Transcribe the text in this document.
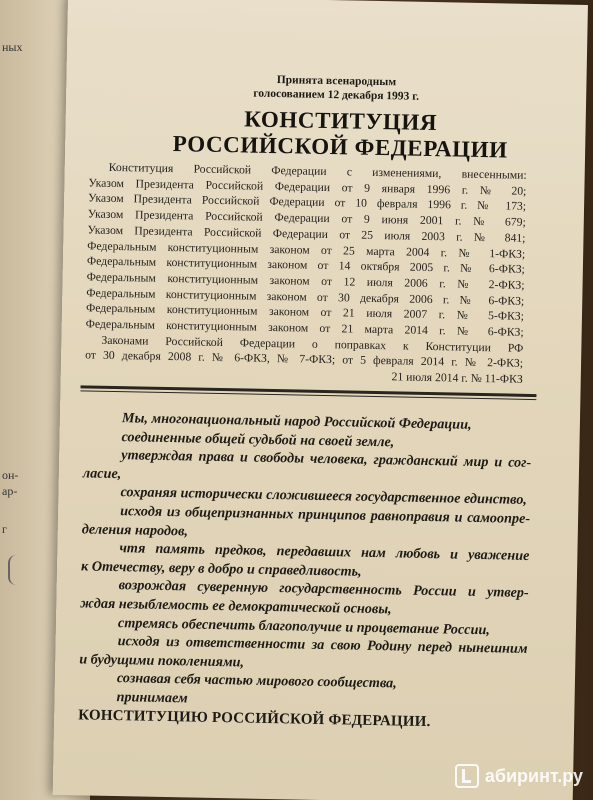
ных
он-
ар-
г
Принята всенародным
голосованием 12 декабря 1993 г.
КОНСТИТУЦИЯ
РОССИЙСКОЙ ФЕДЕРАЦИИ
Конституция Российской Федерации с изменениями, внесенными:
Указом Президента Российской Федерации от 9 января 1996 г. № 20;
Указом Президента Российской Федерации от 10 февраля 1996 г. № 173;
Указом Президента Российской Федерации от 9 июня 2001 г. № 679;
Указом Президента Российской Федерации от 25 июля 2003 г. № 841;
Федеральным конституционным законом от 25 марта 2004 г. № 1-ФКЗ;
Федеральным конституционным законом от 14 октября 2005 г. № 6-ФКЗ;
Федеральным конституционным законом от 12 июля 2006 г. № 2-ФКЗ;
Федеральным конституционным законом от 30 декабря 2006 г. № 6-ФКЗ;
Федеральным конституционным законом от 21 июля 2007 г. № 5-ФКЗ;
Федеральным конституционным законом от 21 марта 2014 г. № 6-ФКЗ;
Законами Российской Федерации о поправках к Конституции РФ
от 30 декабря 2008 г. № 6-ФКЗ, № 7-ФКЗ; от 5 февраля 2014 г. № 2-ФКЗ;
21 июля 2014 г. № 11-ФКЗ
Мы, многонациональный народ Российской Федерации,
соединенные общей судьбой на своей земле,
утверждая права и свободы человека, гражданский мир и сог-
ласие,
сохраняя исторически сложившееся государственное единство,
исходя из общепризнанных принципов равноправия и самоопре-
деления народов,
чтя память предков, передавших нам любовь и уважение
к Отечеству, веру в добро и справедливость,
возрождая суверенную государственность России и утвер-
ждая незыблемость ее демократической основы,
стремясь обеспечить благополучие и процветание России,
исходя из ответственности за свою Родину перед нынешним
и будущими поколениями,
сознавая себя частью мирового сообщества,
принимаем
КОНСТИТУЦИЮ РОССИЙСКОЙ ФЕДЕРАЦИИ.
абиринт.ру
